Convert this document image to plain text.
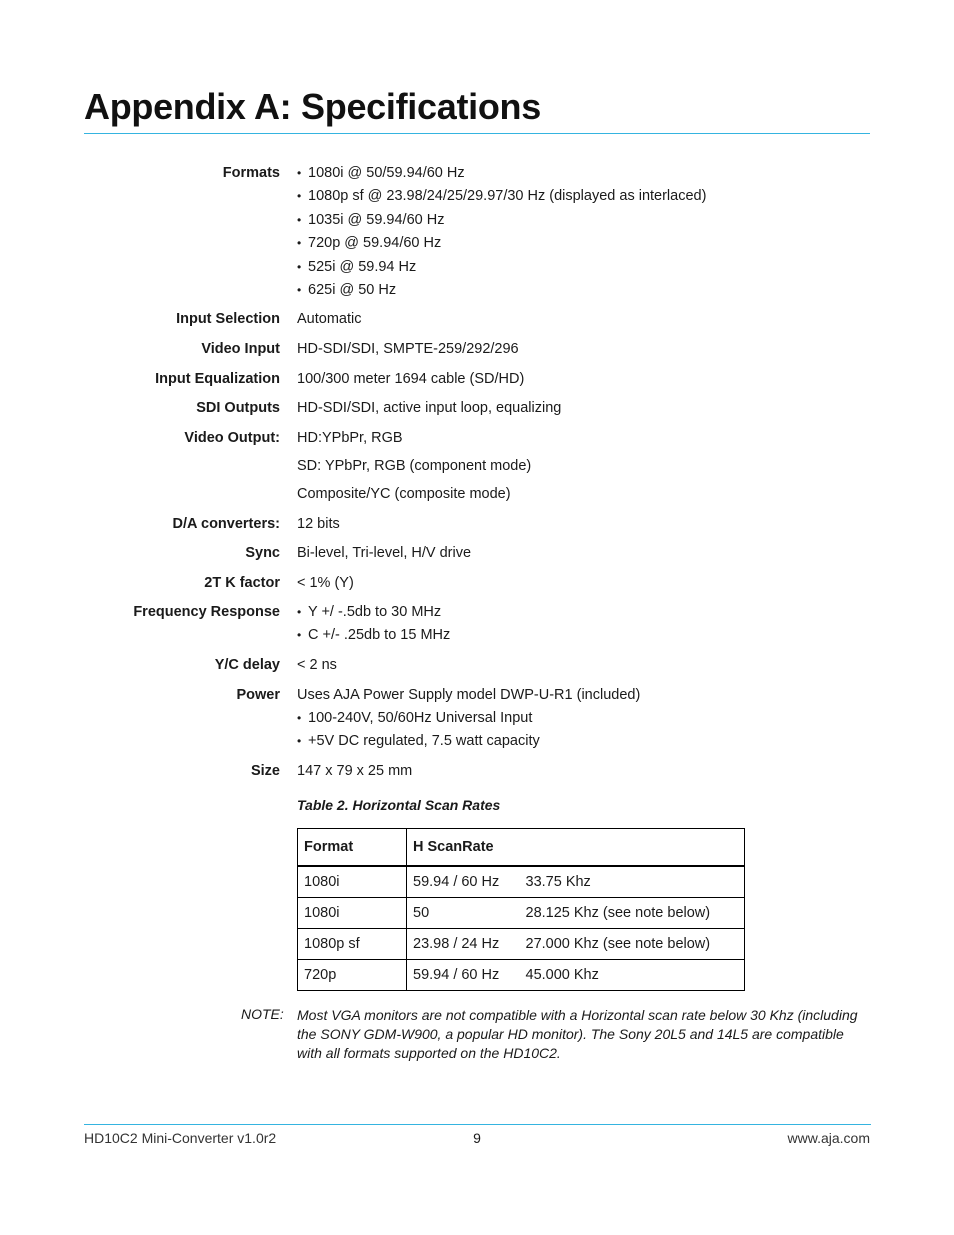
Appendix A: Specifications
Formats	• 1080i @ 50/59.94/60 Hz
• 1080p sf @ 23.98/24/25/29.97/30 Hz (displayed as interlaced)
• 1035i @ 59.94/60 Hz
• 720p @ 59.94/60 Hz
• 525i @ 59.94 Hz
• 625i @ 50 Hz
Input Selection Automatic
Video Input HD-SDI/SDI, SMPTE-259/292/296
Input Equalization 100/300 meter 1694 cable (SD/HD)
SDI Outputs HD-SDI/SDI, active input loop, equalizing
Video Output: HD:YPbPr, RGB
SD: YPbPr, RGB (component mode)
Composite/YC (composite mode)
D/A converters: 12 bits
Sync Bi-level, Tri-level, H/V drive
2T K factor < 1% (Y)
Frequency Response	• Y +/ -.5db to 30 MHz
• C +/- .25db to 15 MHz
Y/C delay < 2 ns
Power Uses AJA Power Supply model DWP-U-R1 (included)
• 100-240V, 50/60Hz Universal Input
• +5V DC regulated, 7.5 watt capacity
Size 147 x 79 x 25 mm
Table 2. Horizontal Scan Rates
Format	H ScanRate	
1080i	59.94 / 60 Hz	33.75 Khz
1080i	50	28.125 Khz (see note below)
1080p sf	23.98 / 24 Hz	27.000 Khz (see note below)
720p	59.94 / 60 Hz	45.000 Khz
NOTE: Most VGA monitors are not compatible with a Horizontal scan rate below 30 Khz (including the SONY GDM-W900, a popular HD monitor). The Sony 20L5 and 14L5 are compatible with all formats supported on the HD10C2.
HD10C2 Mini-Converter v1.0r2	9	www.aja.com
